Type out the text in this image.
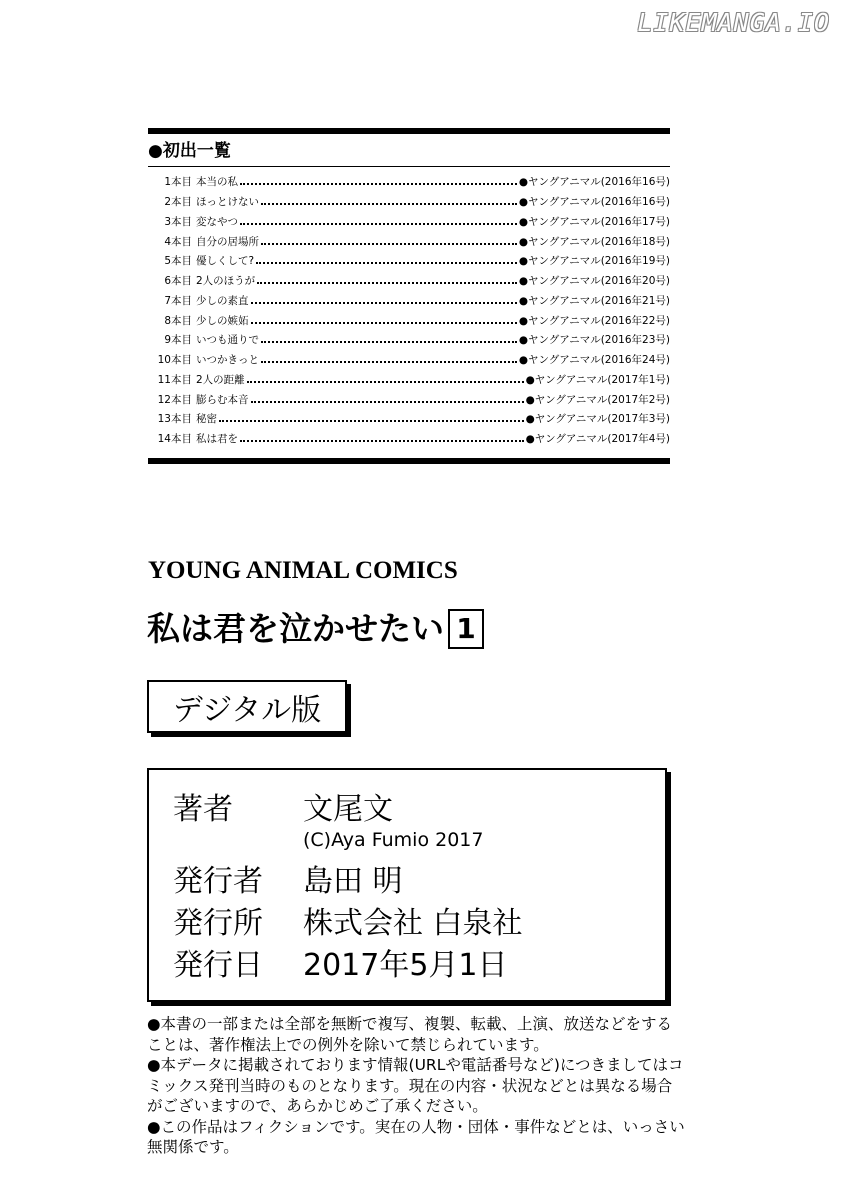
LIKEMANGA.IO
●初出一覧
1本目 本当の私	●ヤングアニマル(2016年16号)
2本目 ほっとけない	●ヤングアニマル(2016年16号)
3本目 変なやつ	●ヤングアニマル(2016年17号)
4本目 自分の居場所	●ヤングアニマル(2016年18号)
5本目 優しくして?	●ヤングアニマル(2016年19号)
6本目 2人のほうが	●ヤングアニマル(2016年20号)
7本目 少しの素直	●ヤングアニマル(2016年21号)
8本目 少しの嫉妬	●ヤングアニマル(2016年22号)
9本目 いつも通りで	●ヤングアニマル(2016年23号)
10本目 いつかきっと	●ヤングアニマル(2016年24号)
11本目 2人の距離	●ヤングアニマル(2017年1号)
12本目 膨らむ本音	●ヤングアニマル(2017年2号)
13本目 秘密	●ヤングアニマル(2017年3号)
14本目 私は君を	●ヤングアニマル(2017年4号)
YOUNG ANIMAL COMICS
私は君を泣かせたい 1
デジタル版
著者	文尾文
(C)Aya Fumio 2017
発行者	島田 明
発行所	株式会社 白泉社
発行日	2017年5月1日

●本書の一部または全部を無断で複写、複製、転載、上演、放送などをすることは、著作権法上での例外を除いて禁じられています。

●本データに掲載されております情報(URLや電話番号など)につきましてはコミックス発刊当時のものとなります。現在の内容・状況などとは異なる場合がございますので、あらかじめご了承ください。

●この作品はフィクションです。実在の人物・団体・事件などとは、いっさい無関係です。
